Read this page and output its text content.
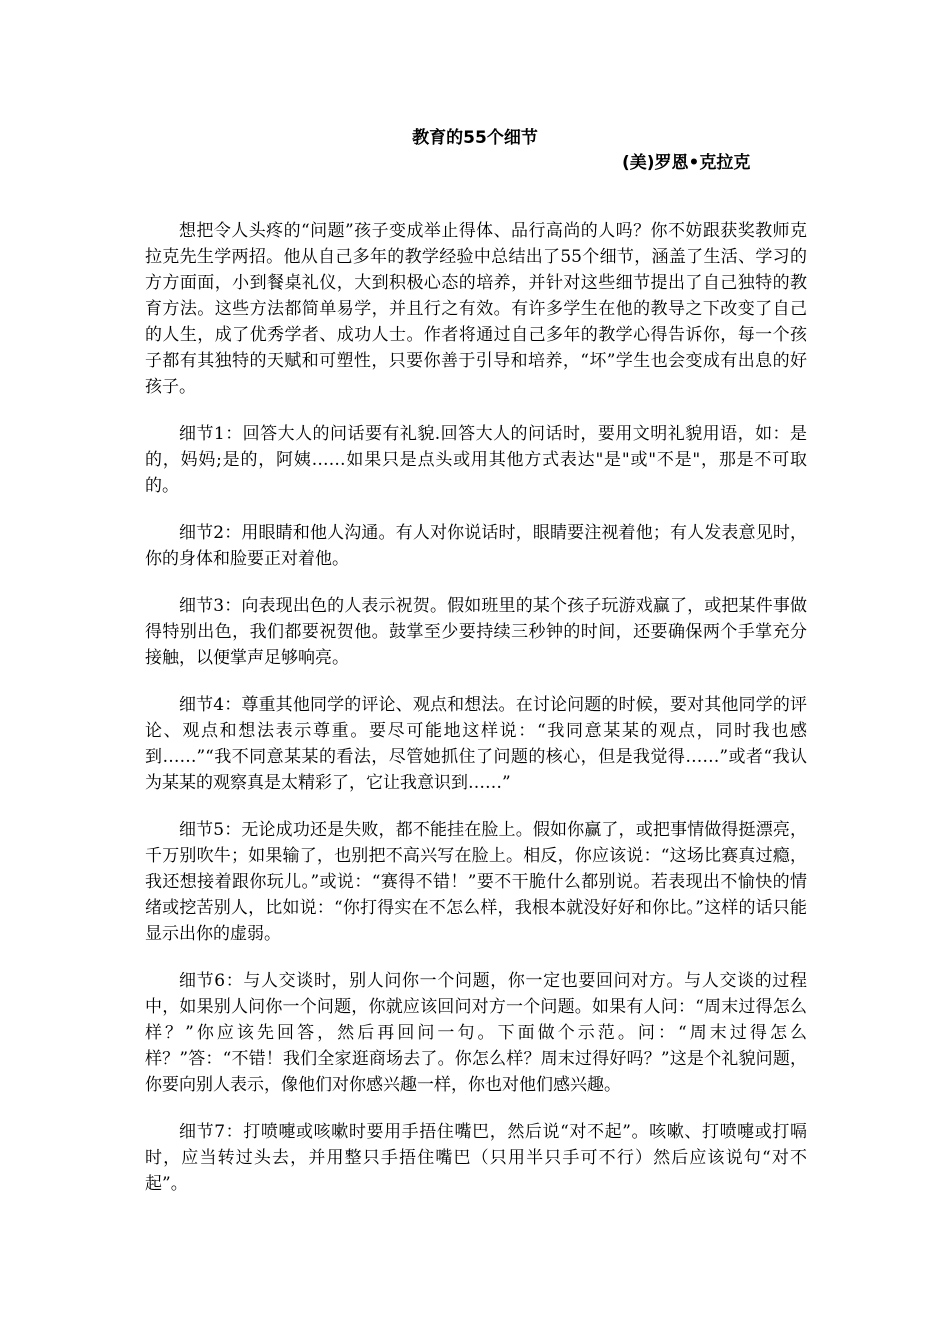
教育的55个细节
(美)罗恩•克拉克

想把令人头疼的“问题”孩子变成举止得体、品行高尚的人吗？你不妨跟获奖教师克拉克先生学两招。他从自己多年的教学经验中总结出了55个细节，涵盖了生活、学习的方方面面，小到餐桌礼仪，大到积极心态的培养，并针对这些细节提出了自己独特的教育方法。这些方法都简单易学，并且行之有效。有许多学生在他的教导之下改变了自己的人生，成了优秀学者、成功人士。作者将通过自己多年的教学心得告诉你，每一个孩子都有其独特的天赋和可塑性，只要你善于引导和培养，“坏”学生也会变成有出息的好孩子。

细节1：回答大人的问话要有礼貌.回答大人的问话时，要用文明礼貌用语，如：是的，妈妈;是的，阿姨……如果只是点头或用其他方式表达"是"或"不是"，那是不可取的。

细节2：用眼睛和他人沟通。有人对你说话时，眼睛要注视着他；有人发表意见时，你的身体和脸要正对着他。

细节3：向表现出色的人表示祝贺。假如班里的某个孩子玩游戏赢了，或把某件事做得特别出色，我们都要祝贺他。鼓掌至少要持续三秒钟的时间，还要确保两个手掌充分接触，以便掌声足够响亮。

细节4：尊重其他同学的评论、观点和想法。在讨论问题的时候，要对其他同学的评论、观点和想法表示尊重。要尽可能地这样说：“我同意某某的观点，同时我也感到……”“我不同意某某的看法，尽管她抓住了问题的核心，但是我觉得……”或者“我认为某某的观察真是太精彩了，它让我意识到……”

细节5：无论成功还是失败，都不能挂在脸上。假如你赢了，或把事情做得挺漂亮，千万别吹牛；如果输了，也别把不高兴写在脸上。相反，你应该说：“这场比赛真过瘾，我还想接着跟你玩儿。”或说：“赛得不错！”要不干脆什么都别说。若表现出不愉快的情绪或挖苦别人，比如说：“你打得实在不怎么样，我根本就没好好和你比。”这样的话只能显示出你的虚弱。

细节6：与人交谈时，别人问你一个问题，你一定也要回问对方。与人交谈的过程中，如果别人问你一个问题，你就应该回问对方一个问题。如果有人问：“周末过得怎么样？”你应该先回答，然后再回问一句。下面做个示范。问：“周末过得怎么样？”答：“不错！我们全家逛商场去了。你怎么样？周末过得好吗？”这是个礼貌问题，你要向别人表示，像他们对你感兴趣一样，你也对他们感兴趣。

细节7：打喷嚏或咳嗽时要用手捂住嘴巴，然后说“对不起”。咳嗽、打喷嚏或打嗝时，应当转过头去，并用整只手捂住嘴巴（只用半只手可不行）然后应该说句“对不起”。
